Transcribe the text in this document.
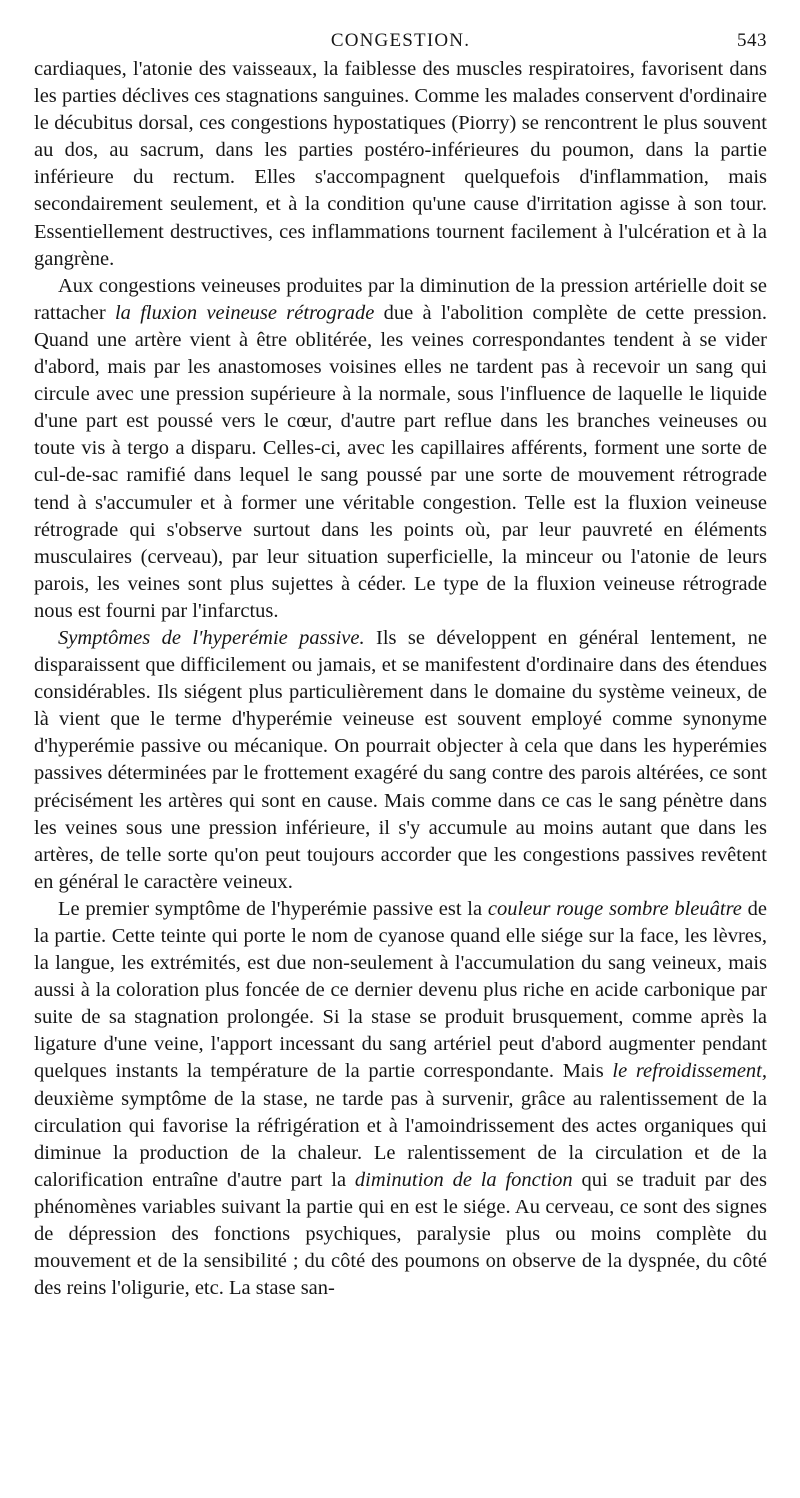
CONGESTION.	543

cardiaques, l'atonie des vaisseaux, la faiblesse des muscles respiratoires, favorisent dans les parties déclives ces stagnations sanguines. Comme les malades conservent d'ordinaire le décubitus dorsal, ces congestions hypostatiques (Piorry) se rencontrent le plus souvent au dos, au sacrum, dans les parties postéro-inférieures du poumon, dans la partie inférieure du rectum. Elles s'accompagnent quelquefois d'inflammation, mais secondairement seulement, et à la condition qu'une cause d'irritation agisse à son tour. Essentiellement destructives, ces inflammations tournent facilement à l'ulcération et à la gangrène.

Aux congestions veineuses produites par la diminution de la pression artérielle doit se rattacher la fluxion veineuse rétrograde due à l'abolition complète de cette pression. Quand une artère vient à être oblitérée, les veines correspondantes tendent à se vider d'abord, mais par les anastomoses voisines elles ne tardent pas à recevoir un sang qui circule avec une pression supérieure à la normale, sous l'influence de laquelle le liquide d'une part est poussé vers le cœur, d'autre part reflue dans les branches veineuses ou toute vis à tergo a disparu. Celles-ci, avec les capillaires afférents, forment une sorte de cul-de-sac ramifié dans lequel le sang poussé par une sorte de mouvement rétrograde tend à s'accumuler et à former une véritable congestion. Telle est la fluxion veineuse rétrograde qui s'observe surtout dans les points où, par leur pauvreté en éléments musculaires (cerveau), par leur situation superficielle, la minceur ou l'atonie de leurs parois, les veines sont plus sujettes à céder. Le type de la fluxion veineuse rétrograde nous est fourni par l'infarctus.

Symptômes de l'hyperémie passive. Ils se développent en général lentement, ne disparaissent que difficilement ou jamais, et se manifestent d'ordinaire dans des étendues considérables. Ils siégent plus particulièrement dans le domaine du système veineux, de là vient que le terme d'hyperémie veineuse est souvent employé comme synonyme d'hyperémie passive ou mécanique. On pourrait objecter à cela que dans les hyperémies passives déterminées par le frottement exagéré du sang contre des parois altérées, ce sont précisément les artères qui sont en cause. Mais comme dans ce cas le sang pénètre dans les veines sous une pression inférieure, il s'y accumule au moins autant que dans les artères, de telle sorte qu'on peut toujours accorder que les congestions passives revêtent en général le caractère veineux.

Le premier symptôme de l'hyperémie passive est la couleur rouge sombre bleuâtre de la partie. Cette teinte qui porte le nom de cyanose quand elle siége sur la face, les lèvres, la langue, les extrémités, est due non-seulement à l'accumulation du sang veineux, mais aussi à la coloration plus foncée de ce dernier devenu plus riche en acide carbonique par suite de sa stagnation prolongée. Si la stase se produit brusquement, comme après la ligature d'une veine, l'apport incessant du sang artériel peut d'abord augmenter pendant quelques instants la température de la partie correspondante. Mais le refroidissement, deuxième symptôme de la stase, ne tarde pas à survenir, grâce au ralentissement de la circulation qui favorise la réfrigération et à l'amoindrissement des actes organiques qui diminue la production de la chaleur. Le ralentissement de la circulation et de la calorification entraîne d'autre part la diminution de la fonction qui se traduit par des phénomènes variables suivant la partie qui en est le siége. Au cerveau, ce sont des signes de dépression des fonctions psychiques, paralysie plus ou moins complète du mouvement et de la sensibilité ; du côté des poumons on observe de la dyspnée, du côté des reins l'oligurie, etc. La stase san-
